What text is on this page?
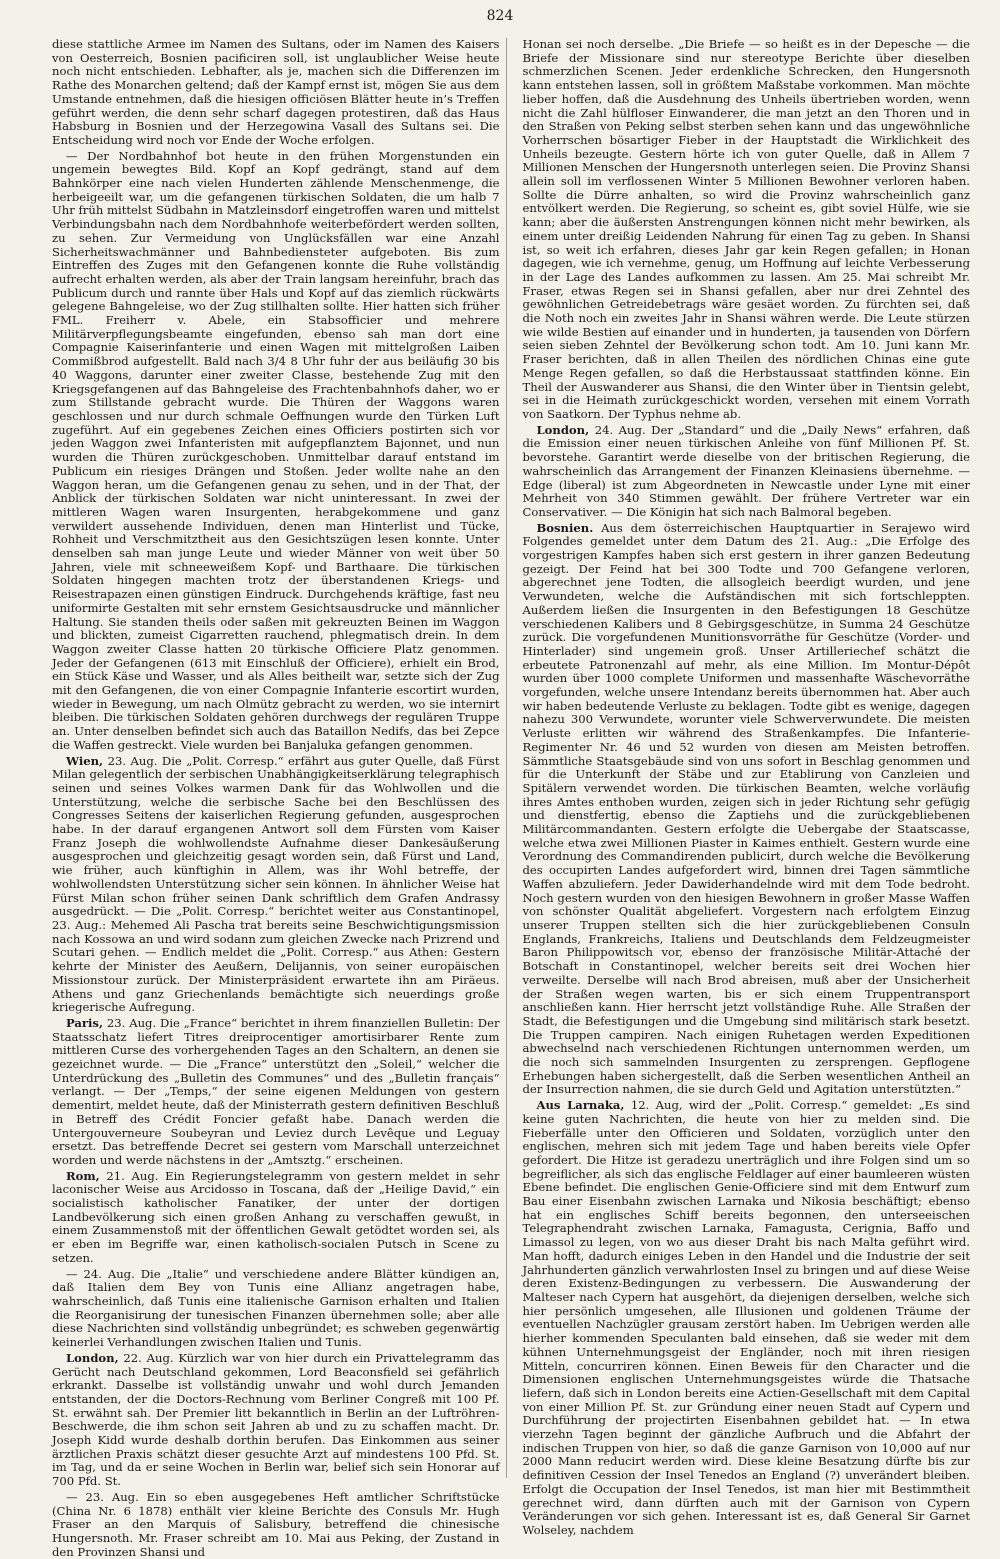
824

diese stattliche Armee im Namen des Sultans, oder im Namen des Kaisers von Oesterreich, Bosnien pacificiren soll, ist unglaublicher Weise heute noch nicht entschieden. Lebhafter, als je, machen sich die Differenzen im Rathe des Monarchen geltend; daß der Kampf ernst ist, mögen Sie aus dem Umstande entnehmen, daß die hiesigen officiösen Blätter heute in’s Treffen geführt werden, die denn sehr scharf dagegen protestiren, daß das Haus Habsburg in Bosnien und der Herzegowina Vasall des Sultans sei. Die Entscheidung wird noch vor Ende der Woche erfolgen.

— Der Nordbahnhof bot heute in den frühen Morgenstunden ein ungemein bewegtes Bild. Kopf an Kopf gedrängt, stand auf dem Bahnkörper eine nach vielen Hunderten zählende Menschenmenge, die herbeigeeilt war, um die gefangenen türkischen Soldaten, die um halb 7 Uhr früh mittelst Südbahn in Matzleinsdorf eingetroffen waren und mittelst Verbindungsbahn nach dem Nordbahnhofe weiterbefördert werden sollten, zu sehen. Zur Vermeidung von Unglücksfällen war eine Anzahl Sicherheitswachmänner und Bahnbediensteter aufgeboten. Bis zum Eintreffen des Zuges mit den Gefangenen konnte die Ruhe vollständig aufrecht erhalten werden, als aber der Train langsam hereinfuhr, brach das Publicum durch und rannte über Hals und Kopf auf das ziemlich rückwärts gelegene Bahngeleise, wo der Zug stillhalten sollte. Hier hatten sich früher FML. Freiherr v. Abele, ein Stabsofficier und mehrere Militärverpflegungsbeamte eingefunden, ebenso sah man dort eine Compagnie Kaiserinfanterie und einen Wagen mit mittelgroßen Laiben Commißbrod aufgestellt. Bald nach 3/4 8 Uhr fuhr der aus beiläufig 30 bis 40 Waggons, darunter einer zweiter Classe, bestehende Zug mit den Kriegsgefangenen auf das Bahngeleise des Frachtenbahnhofs daher, wo er zum Stillstande gebracht wurde. Die Thüren der Waggons waren geschlossen und nur durch schmale Oeffnungen wurde den Türken Luft zugeführt. Auf ein gegebenes Zeichen eines Officiers postirten sich vor jeden Waggon zwei Infanteristen mit aufgepflanztem Bajonnet, und nun wurden die Thüren zurückgeschoben. Unmittelbar darauf entstand im Publicum ein riesiges Drängen und Stoßen. Jeder wollte nahe an den Waggon heran, um die Gefangenen genau zu sehen, und in der That, der Anblick der türkischen Soldaten war nicht uninteressant. In zwei der mittleren Wagen waren Insurgenten, herabgekommene und ganz verwildert aussehende Individuen, denen man Hinterlist und Tücke, Rohheit und Verschmitztheit aus den Gesichtszügen lesen konnte. Unter denselben sah man junge Leute und wieder Männer von weit über 50 Jahren, viele mit schneeweißem Kopf- und Barthaare. Die türkischen Soldaten hingegen machten trotz der überstandenen Kriegs- und Reisestrapazen einen günstigen Eindruck. Durchgehends kräftige, fast neu uniformirte Gestalten mit sehr ernstem Gesichtsausdrucke und männlicher Haltung. Sie standen theils oder saßen mit gekreuzten Beinen im Waggon und blickten, zumeist Cigarretten rauchend, phlegmatisch drein. In dem Waggon zweiter Classe hatten 20 türkische Officiere Platz genommen. Jeder der Gefangenen (613 mit Einschluß der Officiere), erhielt ein Brod, ein Stück Käse und Wasser, und als Alles beitheilt war, setzte sich der Zug mit den Gefangenen, die von einer Compagnie Infanterie escortirt wurden, wieder in Bewegung, um nach Olmütz gebracht zu werden, wo sie internirt bleiben. Die türkischen Soldaten gehören durchwegs der regulären Truppe an. Unter denselben befindet sich auch das Bataillon Nedifs, das bei Zepce die Waffen gestreckt. Viele wurden bei Banjaluka gefangen genommen.

Wien, 23. Aug. Die „Polit. Corresp.“ erfährt aus guter Quelle, daß Fürst Milan gelegentlich der serbischen Unabhängigkeitserklärung telegraphisch seinen und seines Volkes warmen Dank für das Wohlwollen und die Unterstützung, welche die serbische Sache bei den Beschlüssen des Congresses Seitens der kaiserlichen Regierung gefunden, ausgesprochen habe. In der darauf ergangenen Antwort soll dem Fürsten vom Kaiser Franz Joseph die wohlwollendste Aufnahme dieser Dankesäußerung ausgesprochen und gleichzeitig gesagt worden sein, daß Fürst und Land, wie früher, auch künftighin in Allem, was ihr Wohl betreffe, der wohlwollendsten Unterstützung sicher sein können. In ähnlicher Weise hat Fürst Milan schon früher seinen Dank schriftlich dem Grafen Andrassy ausgedrückt. — Die „Polit. Corresp.“ berichtet weiter aus Constantinopel, 23. Aug.: Mehemed Ali Pascha trat bereits seine Beschwichtigungsmission nach Kossowa an und wird sodann zum gleichen Zwecke nach Prizrend und Scutari gehen. — Endlich meldet die „Polit. Corresp.“ aus Athen: Gestern kehrte der Minister des Aeußern, Delijannis, von seiner europäischen Missionstour zurück. Der Ministerpräsident erwartete ihn am Piräeus. Athens und ganz Griechenlands bemächtigte sich neuerdings große kriegerische Aufregung.

Paris, 23. Aug. Die „France“ berichtet in ihrem finanziellen Bulletin: Der Staatsschatz liefert Titres dreiprocentiger amortisirbarer Rente zum mittleren Curse des vorhergehenden Tages an den Schaltern, an denen sie gezeichnet wurde. — Die „France“ unterstützt den „Soleil,“ welcher die Unterdrückung des „Bulletin des Communes“ und des „Bulletin français“ verlangt. — Der „Temps,“ der seine eigenen Meldungen von gestern dementirt, meldet heute, daß der Ministerrath gestern definitiven Beschluß in Betreff des Crédit Foncier gefaßt habe. Danach werden die Untergouverneure Soubeyran und Leviez durch Levêque und Leguay ersetzt. Das betreffende Decret sei gestern vom Marschall unterzeichnet worden und werde nächstens in der „Amtsztg.“ erscheinen.

Rom, 21. Aug. Ein Regierungstelegramm von gestern meldet in sehr laconischer Weise aus Arcidosso in Toscana, daß der „Heilige David,“ ein socialistisch katholischer Fanatiker, der unter der dortigen Landbevölkerung sich einen großen Anhang zu verschaffen gewußt, in einem Zusammenstoß mit der öffentlichen Gewalt getödtet worden sei, als er eben im Begriffe war, einen katholisch-socialen Putsch in Scene zu setzen.

— 24. Aug. Die „Italie“ und verschiedene andere Blätter kündigen an, daß Italien dem Bey von Tunis eine Allianz angetragen habe, wahrscheinlich, daß Tunis eine italienische Garnison erhalten und Italien die Reorganisirung der tunesischen Finanzen übernehmen solle; aber alle diese Nachrichten sind vollständig unbegründet; es schweben gegenwärtig keinerlei Verhandlungen zwischen Italien und Tunis.

London, 22. Aug. Kürzlich war von hier durch ein Privattelegramm das Gerücht nach Deutschland gekommen, Lord Beaconsfield sei gefährlich erkrankt. Dasselbe ist vollständig unwahr und wohl durch Jemanden entstanden, der die Doctors-Rechnung vom Berliner Congreß mit 100 Pf. St. erwähnt sah. Der Premier litt bekanntlich in Berlin an der Luftröhren-Beschwerde, die ihm schon seit Jahren ab und zu zu schaffen macht. Dr. Joseph Kidd wurde deshalb dorthin berufen. Das Einkommen aus seiner ärztlichen Praxis schätzt dieser gesuchte Arzt auf mindestens 100 Pfd. St. im Tag, und da er seine Wochen in Berlin war, belief sich sein Honorar auf 700 Pfd. St.

— 23. Aug. Ein so eben ausgegebenes Heft amtlicher Schriftstücke (China Nr. 6 1878) enthält vier kleine Berichte des Consuls Mr. Hugh Fraser an den Marquis of Salisbury, betreffend die chinesische Hungersnoth. Mr. Fraser schreibt am 10. Mai aus Peking, der Zustand in den Provinzen Shansi und

Honan sei noch derselbe. „Die Briefe — so heißt es in der Depesche — die Briefe der Missionare sind nur stereotype Berichte über dieselben schmerzlichen Scenen. Jeder erdenkliche Schrecken, den Hungersnoth kann entstehen lassen, soll in größtem Maßstabe vorkommen. Man möchte lieber hoffen, daß die Ausdehnung des Unheils übertrieben worden, wenn nicht die Zahl hülfloser Einwanderer, die man jetzt an den Thoren und in den Straßen von Peking selbst sterben sehen kann und das ungewöhnliche Vorherrschen bösartiger Fieber in der Hauptstadt die Wirklichkeit des Unheils bezeugte. Gestern hörte ich von guter Quelle, daß in Allem 7 Millionen Menschen der Hungersnoth unterlegen seien. Die Provinz Shansi allein soll im verflossenen Winter 5 Millionen Bewohner verloren haben. Sollte die Dürre anhalten, so wird die Provinz wahrscheinlich ganz entvölkert werden. Die Regierung, so scheint es, gibt soviel Hülfe, wie sie kann; aber die äußersten Anstrengungen können nicht mehr bewirken, als einem unter dreißig Leidenden Nahrung für einen Tag zu geben. In Shansi ist, so weit ich erfahren, dieses Jahr gar kein Regen gefallen; in Honan dagegen, wie ich vernehme, genug, um Hoffnung auf leichte Verbesserung in der Lage des Landes aufkommen zu lassen. Am 25. Mai schreibt Mr. Fraser, etwas Regen sei in Shansi gefallen, aber nur drei Zehntel des gewöhnlichen Getreidebetrags wäre gesäet worden. Zu fürchten sei, daß die Noth noch ein zweites Jahr in Shansi währen werde. Die Leute stürzen wie wilde Bestien auf einander und in hunderten, ja tausenden von Dörfern seien sieben Zehntel der Bevölkerung schon todt. Am 10. Juni kann Mr. Fraser berichten, daß in allen Theilen des nördlichen Chinas eine gute Menge Regen gefallen, so daß die Herbstaussaat stattfinden könne. Ein Theil der Auswanderer aus Shansi, die den Winter über in Tientsin gelebt, sei in die Heimath zurückgeschickt worden, versehen mit einem Vorrath von Saatkorn. Der Typhus nehme ab.

London, 24. Aug. Der „Standard“ und die „Daily News“ erfahren, daß die Emission einer neuen türkischen Anleihe von fünf Millionen Pf. St. bevorstehe. Garantirt werde dieselbe von der britischen Regierung, die wahrscheinlich das Arrangement der Finanzen Kleinasiens übernehme. — Edge (liberal) ist zum Abgeordneten in Newcastle under Lyne mit einer Mehrheit von 340 Stimmen gewählt. Der frühere Vertreter war ein Conservativer. — Die Königin hat sich nach Balmoral begeben.

Bosnien. Aus dem österreichischen Hauptquartier in Serajewo wird Folgendes gemeldet unter dem Datum des 21. Aug.: „Die Erfolge des vorgestrigen Kampfes haben sich erst gestern in ihrer ganzen Bedeutung gezeigt. Der Feind hat bei 300 Todte und 700 Gefangene verloren, abgerechnet jene Todten, die allsogleich beerdigt wurden, und jene Verwundeten, welche die Aufständischen mit sich fortschleppten. Außerdem ließen die Insurgenten in den Befestigungen 18 Geschütze verschiedenen Kalibers und 8 Gebirgsgeschütze, in Summa 24 Geschütze zurück. Die vorgefundenen Munitionsvorräthe für Geschütze (Vorder- und Hinterlader) sind ungemein groß. Unser Artilleriechef schätzt die erbeutete Patronenzahl auf mehr, als eine Million. Im Montur-Dépôt wurden über 1000 complete Uniformen und massenhafte Wäschevorräthe vorgefunden, welche unsere Intendanz bereits übernommen hat. Aber auch wir haben bedeutende Verluste zu beklagen. Todte gibt es wenige, dagegen nahezu 300 Verwundete, worunter viele Schwerverwundete. Die meisten Verluste erlitten wir während des Straßenkampfes. Die Infanterie-Regimenter Nr. 46 und 52 wurden von diesen am Meisten betroffen. Sämmtliche Staatsgebäude sind von uns sofort in Beschlag genommen und für die Unterkunft der Stäbe und zur Etablirung von Canzleien und Spitälern verwendet worden. Die türkischen Beamten, welche vorläufig ihres Amtes enthoben wurden, zeigen sich in jeder Richtung sehr gefügig und dienstfertig, ebenso die Zaptiehs und die zurückgebliebenen Militärcommandanten. Gestern erfolgte die Uebergabe der Staatscasse, welche etwa zwei Millionen Piaster in Kaimes enthielt. Gestern wurde eine Verordnung des Commandirenden publicirt, durch welche die Bevölkerung des occupirten Landes aufgefordert wird, binnen drei Tagen sämmtliche Waffen abzuliefern. Jeder Dawiderhandelnde wird mit dem Tode bedroht. Noch gestern wurden von den hiesigen Bewohnern in großer Masse Waffen von schönster Qualität abgeliefert. Vorgestern nach erfolgtem Einzug unserer Truppen stellten sich die hier zurückgebliebenen Consuln Englands, Frankreichs, Italiens und Deutschlands dem Feldzeugmeister Baron Philippowitsch vor, ebenso der französische Militär-Attaché der Botschaft in Constantinopel, welcher bereits seit drei Wochen hier verweilte. Derselbe will nach Brod abreisen, muß aber der Unsicherheit der Straßen wegen warten, bis er sich einem Truppentransport anschließen kann. Hier herrscht jetzt vollständige Ruhe. Alle Straßen der Stadt, die Befestigungen und die Umgebung sind militärisch stark besetzt. Die Truppen campiren. Nach einigen Ruhetagen werden Expeditionen abwechselnd nach verschiedenen Richtungen unternommen werden, um die noch sich sammelnden Insurgenten zu zersprengen. Gepflogene Erhebungen haben sichergestellt, daß die Serben wesentlichen Antheil an der Insurrection nahmen, die sie durch Geld und Agitation unterstützten.“

Aus Larnaka, 12. Aug, wird der „Polit. Corresp.“ gemeldet: „Es sind keine guten Nachrichten, die heute von hier zu melden sind. Die Fieberfälle unter den Officieren und Soldaten, vorzüglich unter den englischen, mehren sich mit jedem Tage und haben bereits viele Opfer gefordert. Die Hitze ist geradezu unerträglich und ihre Folgen sind um so begreiflicher, als sich das englische Feldlager auf einer baumleeren wüsten Ebene befindet. Die englischen Genie-Officiere sind mit dem Entwurf zum Bau einer Eisenbahn zwischen Larnaka und Nikosia beschäftigt; ebenso hat ein englisches Schiff bereits begonnen, den unterseeischen Telegraphendraht zwischen Larnaka, Famagusta, Cerignia, Baffo und Limassol zu legen, von wo aus dieser Draht bis nach Malta geführt wird. Man hofft, dadurch einiges Leben in den Handel und die Industrie der seit Jahrhunderten gänzlich verwahrlosten Insel zu bringen und auf diese Weise deren Existenz-Bedingungen zu verbessern. Die Auswanderung der Malteser nach Cypern hat ausgehört, da diejenigen derselben, welche sich hier persönlich umgesehen, alle Illusionen und goldenen Träume der eventuellen Nachzügler grausam zerstört haben. Im Uebrigen werden alle hierher kommenden Speculanten bald einsehen, daß sie weder mit dem kühnen Unternehmungsgeist der Engländer, noch mit ihren riesigen Mitteln, concurriren können. Einen Beweis für den Character und die Dimensionen englischen Unternehmungsgeistes würde die Thatsache liefern, daß sich in London bereits eine Actien-Gesellschaft mit dem Capital von einer Million Pf. St. zur Gründung einer neuen Stadt auf Cypern und Durchführung der projectirten Eisenbahnen gebildet hat. — In etwa vierzehn Tagen beginnt der gänzliche Aufbruch und die Abfahrt der indischen Truppen von hier, so daß die ganze Garnison von 10,000 auf nur 2000 Mann reducirt werden wird. Diese kleine Besatzung dürfte bis zur definitiven Cession der Insel Tenedos an England (?) unverändert bleiben. Erfolgt die Occupation der Insel Tenedos, ist man hier mit Bestimmtheit gerechnet wird, dann dürften auch mit der Garnison von Cypern Veränderungen vor sich gehen. Interessant ist es, daß General Sir Garnet Wolseley, nachdem
